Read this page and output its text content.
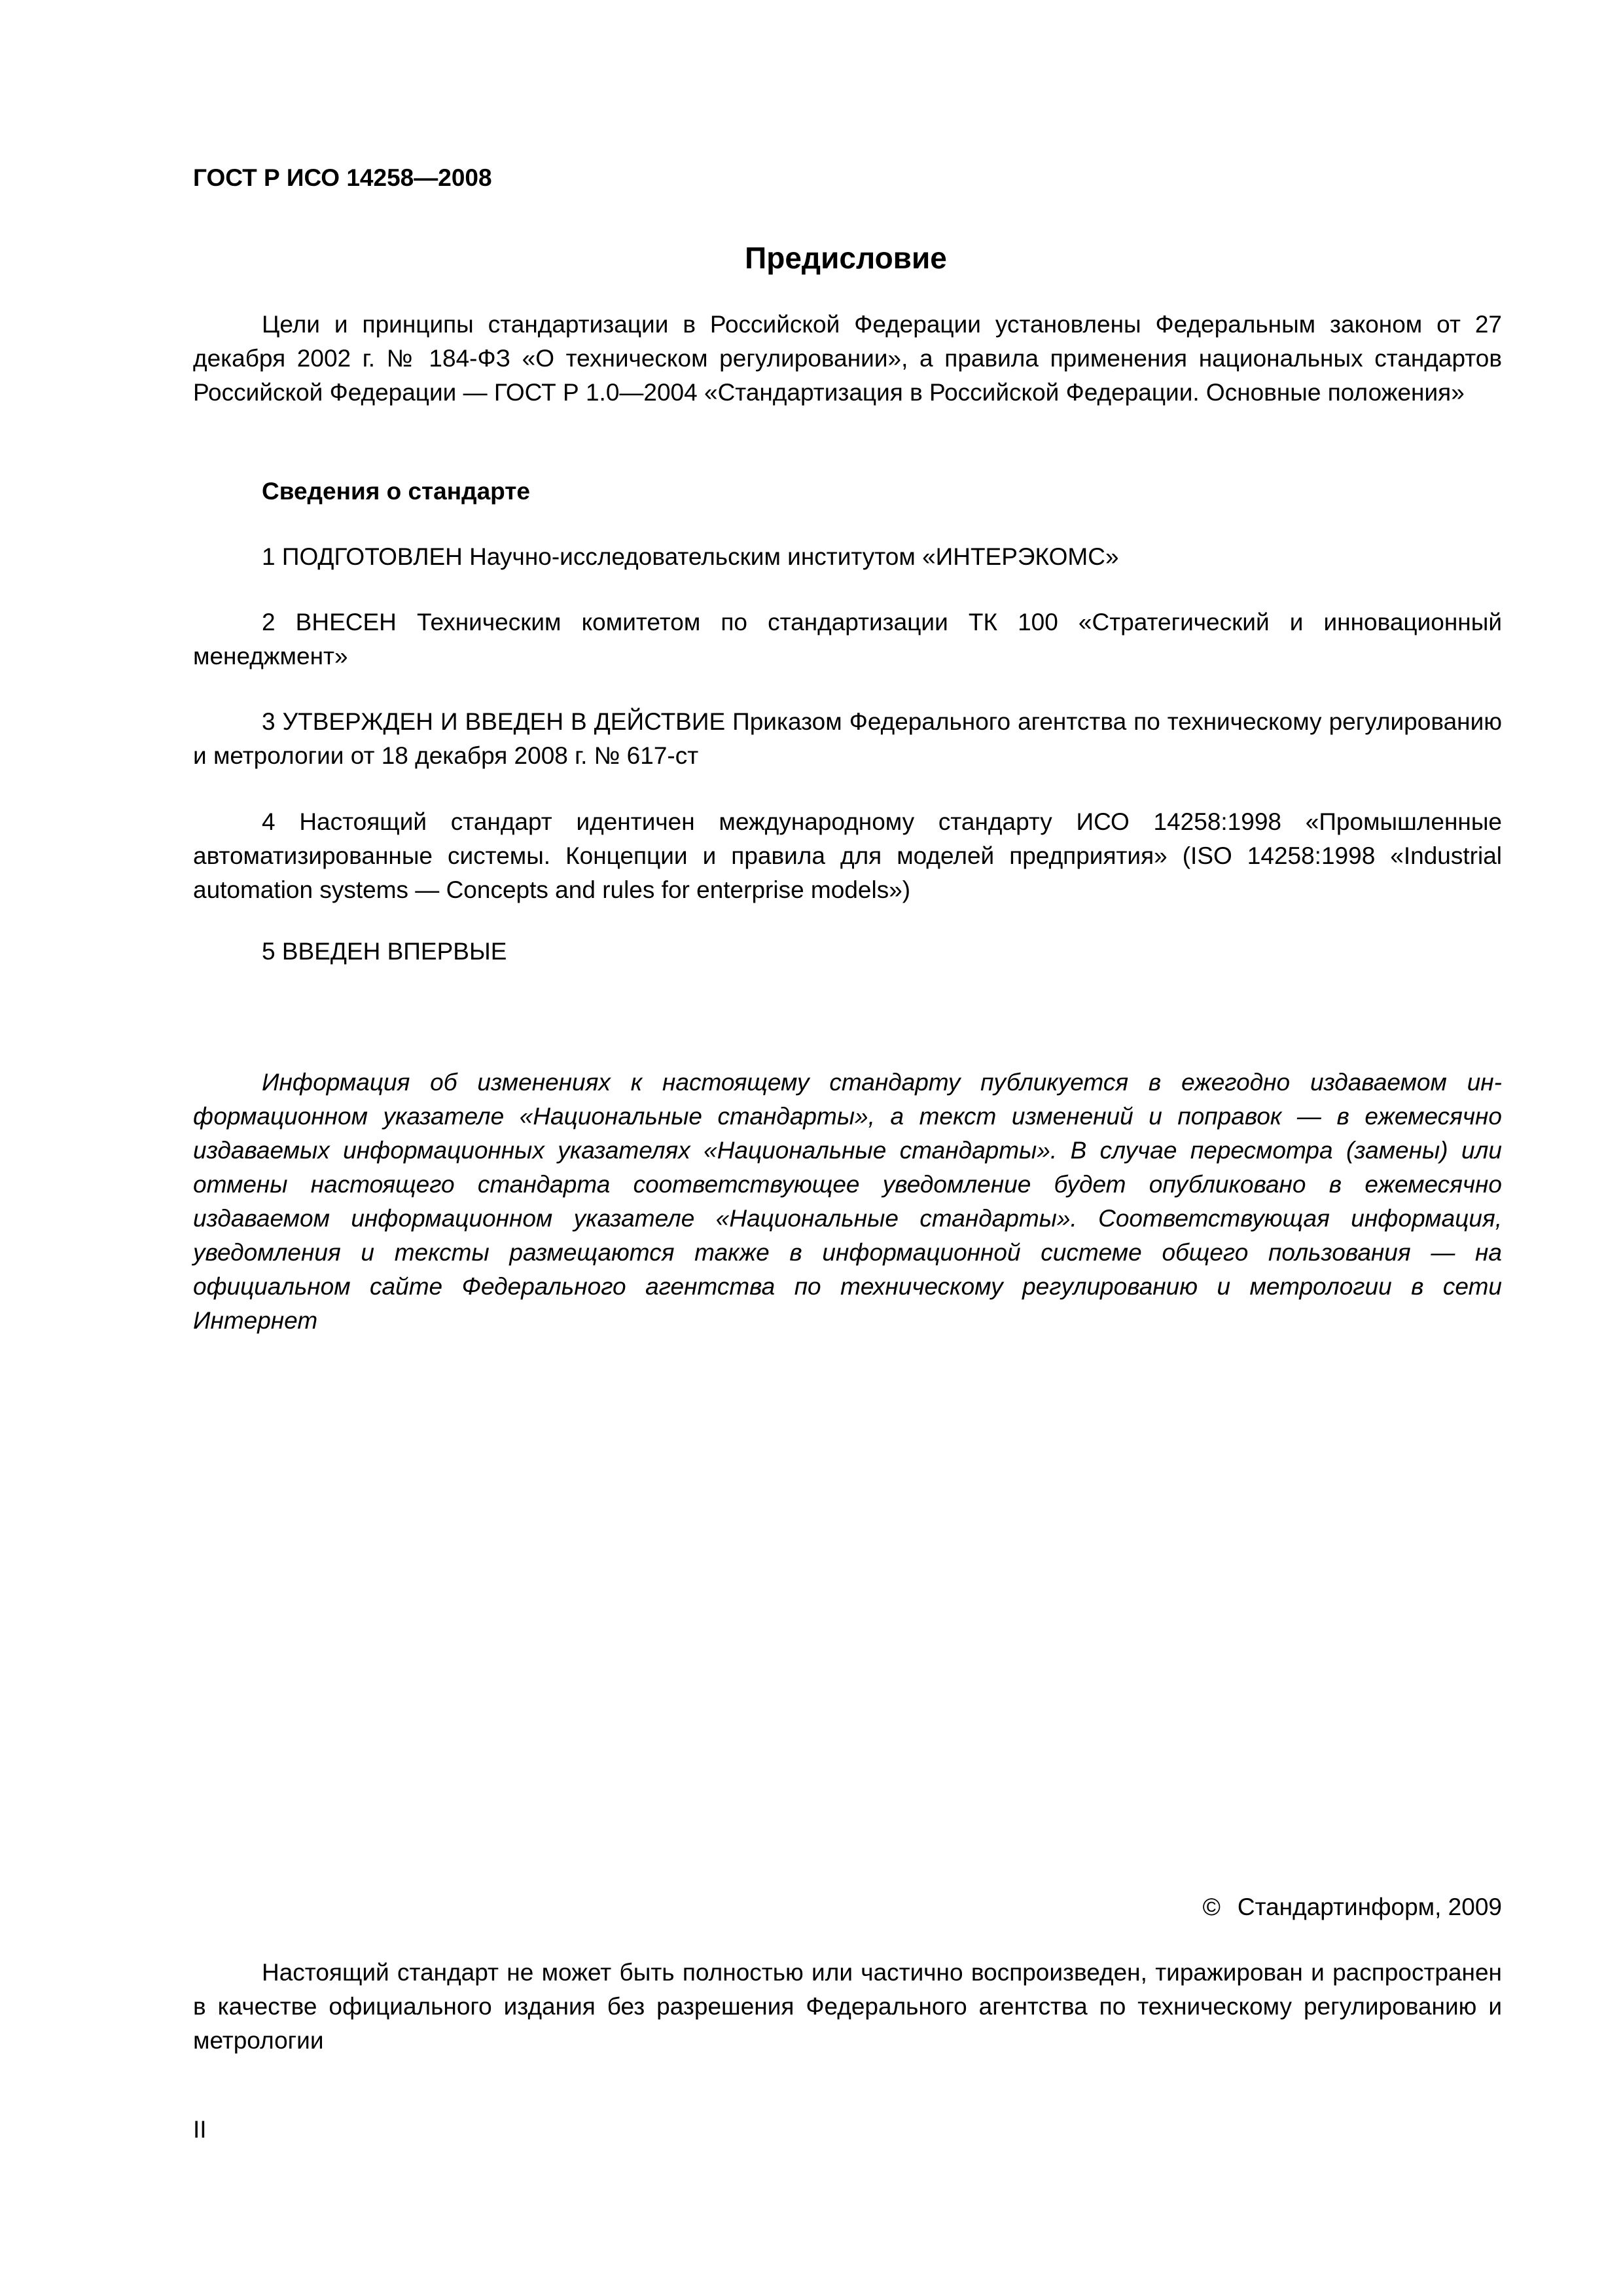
ГОСТ Р ИСО 14258—2008

Предисловие

Цели и принципы стандартизации в Российской Федерации установлены Федеральным законом от 27 декабря 2002 г. № 184-ФЗ «О техническом регулировании», а правила применения национальных стандартов Российской Федерации — ГОСТ Р 1.0—2004 «Стандартизация в Российской Федерации. Основные положения»

Сведения о стандарте

1 ПОДГОТОВЛЕН Научно-исследовательским институтом «ИНТЕРЭКОМС»

2 ВНЕСЕН Техническим комитетом по стандартизации ТК 100 «Стратегический и инновационный менеджмент»

3 УТВЕРЖДЕН И ВВЕДЕН В ДЕЙСТВИЕ Приказом Федерального агентства по техническому регулированию и метрологии от 18 декабря 2008 г. № 617-ст

4 Настоящий стандарт идентичен международному стандарту ИСО 14258:1998 «Промышленные автоматизированные системы. Концепции и правила для моделей предприятия» (ISO 14258:1998 «Industrial automation systems — Concepts and rules for enterprise models»)

5 ВВЕДЕН ВПЕРВЫЕ

Информация об изменениях к настоящему стандарту публикуется в ежегодно издаваемом информационном указателе «Национальные стандарты», а текст изменений и поправок — в ежемесячно издаваемых информационных указателях «Национальные стандарты». В случае пересмотра (замены) или отмены настоящего стандарта соответствующее уведомление будет опубликовано в ежемесячно издаваемом информационном указателе «Национальные стандарты». Соответствующая информация, уведомления и тексты размещаются также в информационной системе общего пользования — на официальном сайте Федерального агентства по техническому регулированию и метрологии в сети Интернет

© Стандартинформ, 2009

Настоящий стандарт не может быть полностью или частично воспроизведен, тиражирован и распространен в качестве официального издания без разрешения Федерального агентства по техническому регулированию и метрологии

II
